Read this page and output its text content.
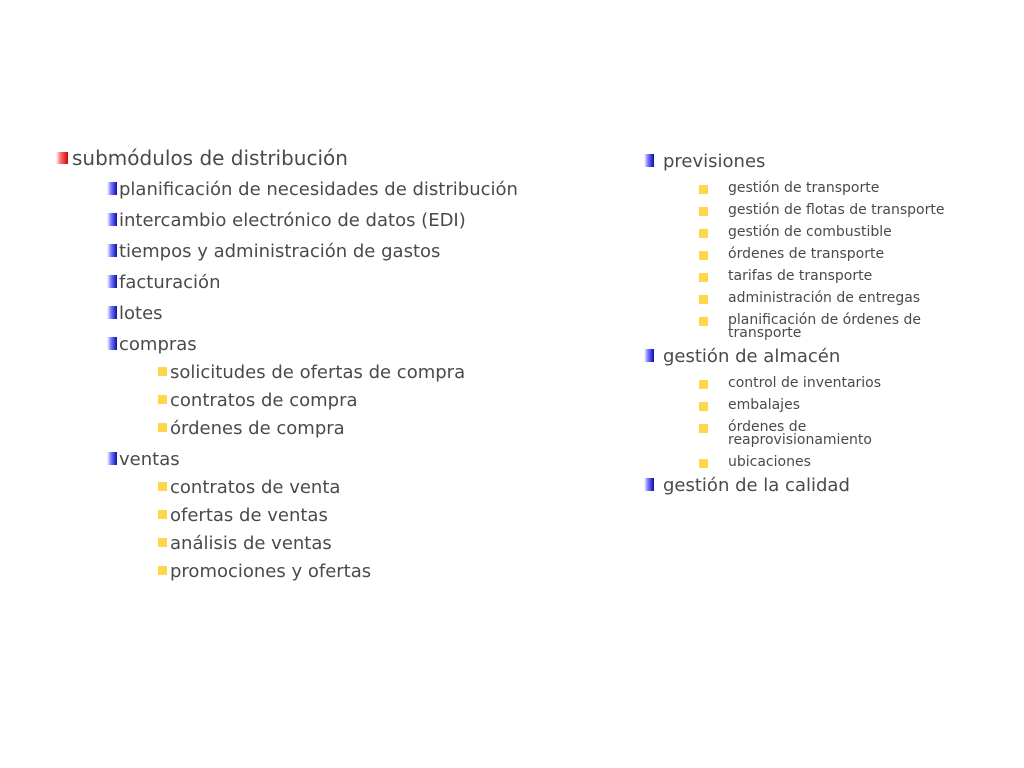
submódulos de distribución
planificación de necesidades de distribución
intercambio electrónico de datos (EDI)
tiempos y administración de gastos
facturación
lotes
compras
solicitudes de ofertas de compra
contratos de compra
órdenes de compra
ventas
contratos de venta
ofertas de ventas
análisis de ventas
promociones y ofertas
previsiones
gestión de transporte
gestión de flotas de transporte
gestión de combustible
órdenes de transporte
tarifas de transporte
administración de entregas
planificación de órdenes de transporte
gestión de almacén
control de inventarios
embalajes
órdenes de reaprovisionamiento
ubicaciones
gestión de la calidad
